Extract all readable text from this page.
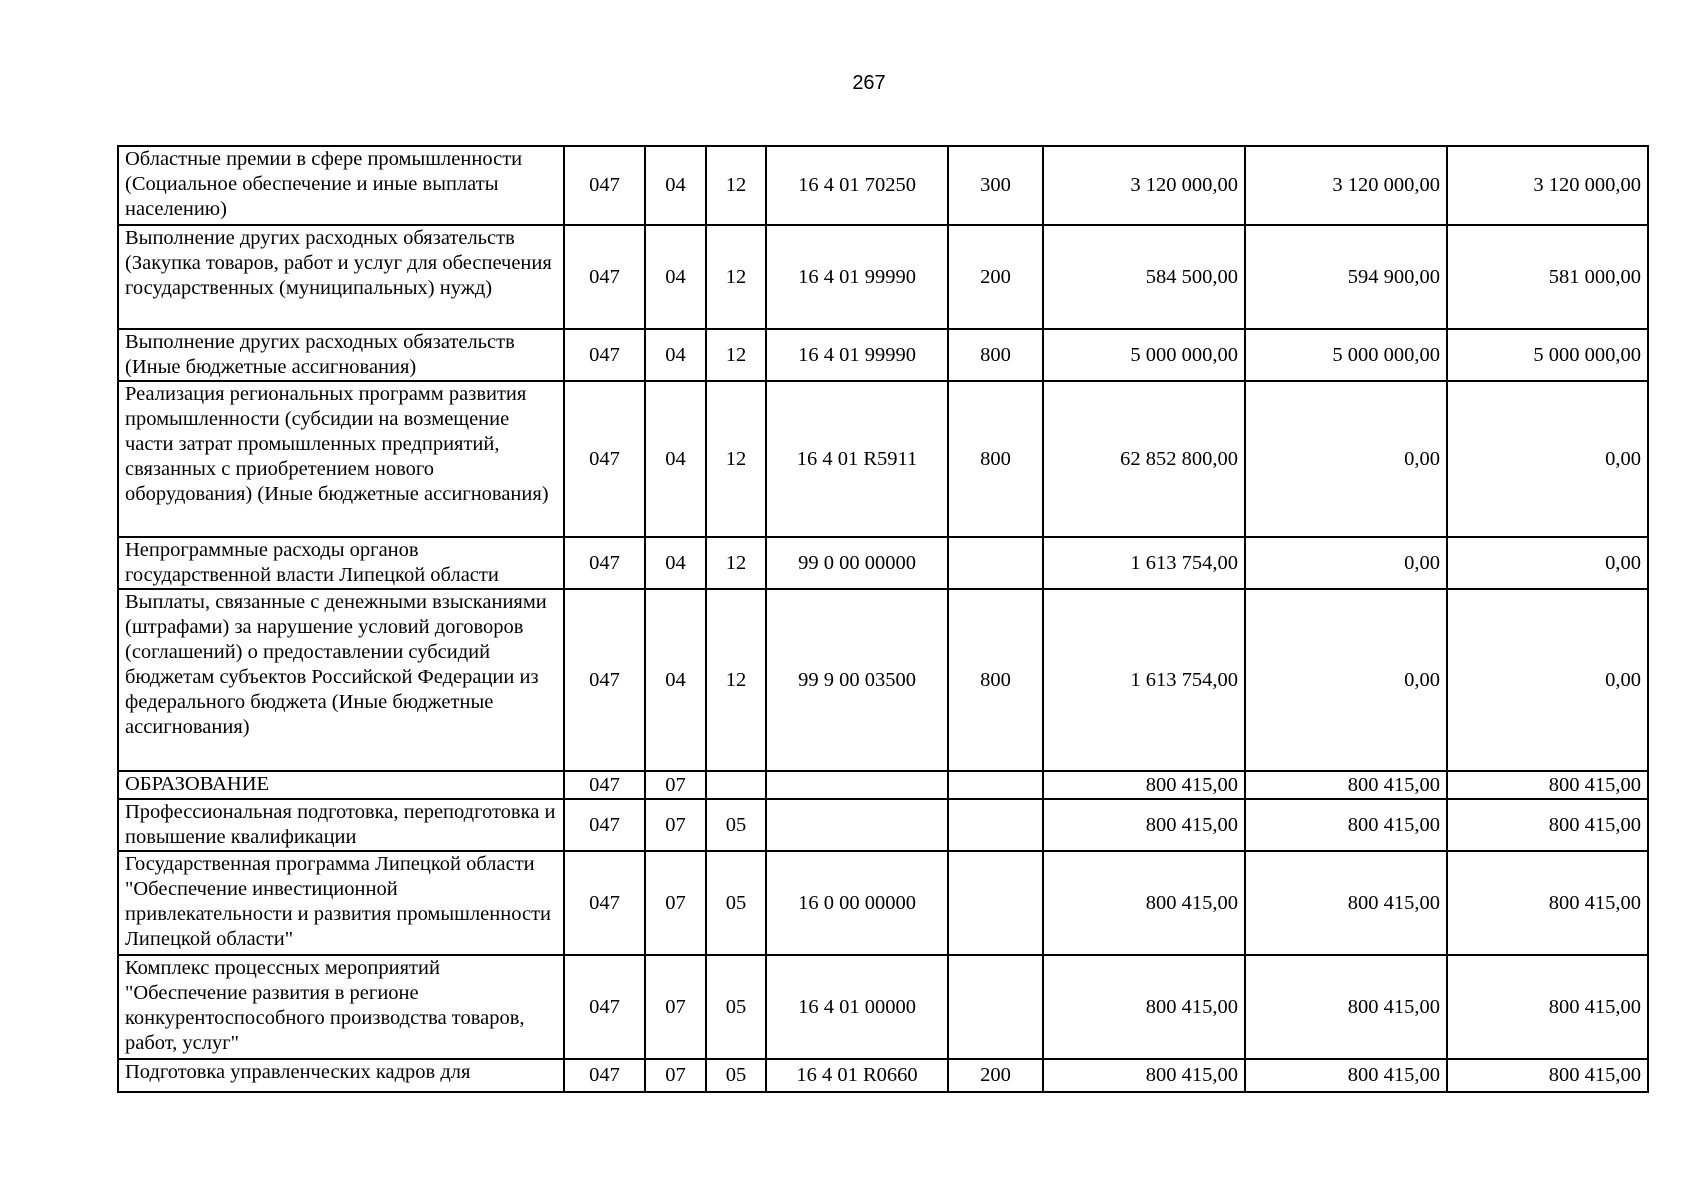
267
Областные премии в сфере промышленности (Социальное обеспечение и иные выплаты населению)	047	04	12	16 4 01 70250	300	3 120 000,00	3 120 000,00	3 120 000,00
Выполнение других расходных обязательств (Закупка товаров, работ и услуг для обеспечения государственных (муниципальных) нужд)	047	04	12	16 4 01 99990	200	584 500,00	594 900,00	581 000,00
Выполнение других расходных обязательств (Иные бюджетные ассигнования)	047	04	12	16 4 01 99990	800	5 000 000,00	5 000 000,00	5 000 000,00
Реализация региональных программ развития промышленности (субсидии на возмещение части затрат промышленных предприятий, связанных с приобретением нового оборудования) (Иные бюджетные ассигнования)	047	04	12	16 4 01 R5911	800	62 852 800,00	0,00	0,00
Непрограммные расходы органов государственной власти Липецкой области	047	04	12	99 0 00 00000		1 613 754,00	0,00	0,00
Выплаты, связанные с денежными взысканиями (штрафами) за нарушение условий договоров (соглашений) о предоставлении субсидий бюджетам субъектов Российской Федерации из федерального бюджета (Иные бюджетные ассигнования)	047	04	12	99 9 00 03500	800	1 613 754,00	0,00	0,00
ОБРАЗОВАНИЕ	047	07				800 415,00	800 415,00	800 415,00
Профессиональная подготовка, переподготовка и повышение квалификации	047	07	05			800 415,00	800 415,00	800 415,00
Государственная программа Липецкой области "Обеспечение инвестиционной привлекательности и развития промышленности Липецкой области"	047	07	05	16 0 00 00000		800 415,00	800 415,00	800 415,00
Комплекс процессных мероприятий "Обеспечение развития в регионе конкурентоспособного производства товаров, работ, услуг"	047	07	05	16 4 01 00000		800 415,00	800 415,00	800 415,00
Подготовка управленческих кадров для	047	07	05	16 4 01 R0660	200	800 415,00	800 415,00	800 415,00
